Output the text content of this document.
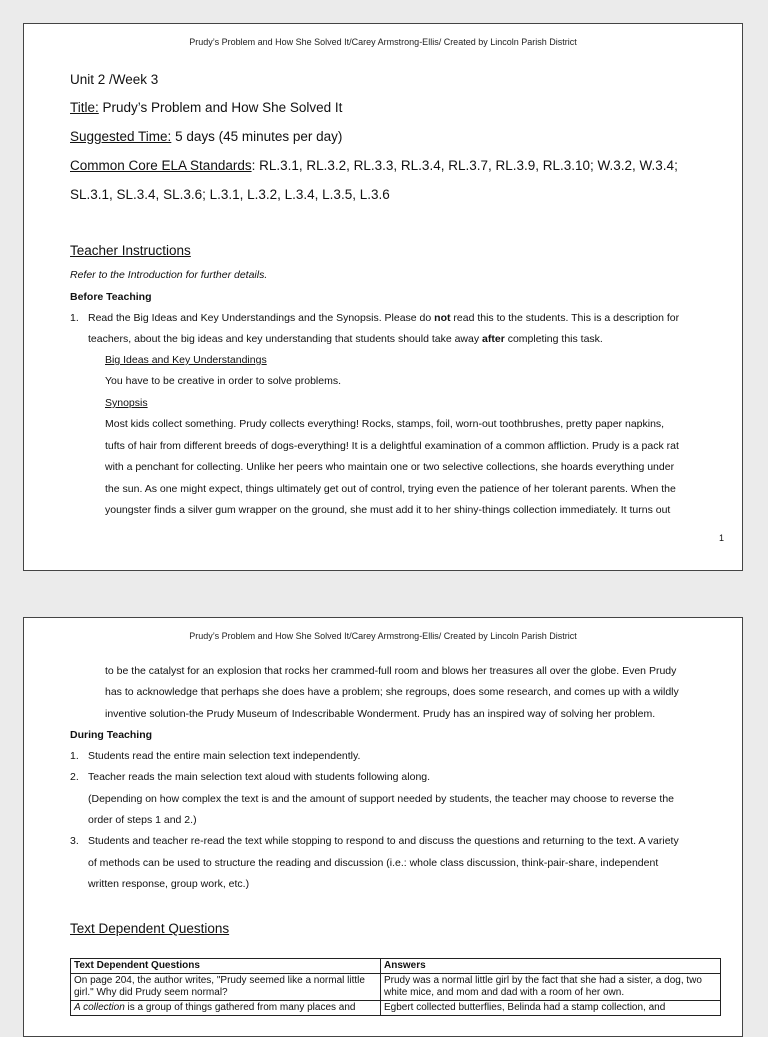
Prudy’s Problem and How She Solved It/Carey Armstrong-Ellis/ Created by Lincoln Parish District
Unit 2 /Week 3
Title: Prudy’s Problem and How She Solved It
Suggested Time: 5 days (45 minutes per day)
Common Core ELA Standards: RL.3.1, RL.3.2, RL.3.3, RL.3.4, RL.3.7, RL.3.9, RL.3.10; W.3.2, W.3.4;
SL.3.1, SL.3.4, SL.3.6; L.3.1, L.3.2, L.3.4, L.3.5, L.3.6
Teacher Instructions
Refer to the Introduction for further details.
Before Teaching
1. Read the Big Ideas and Key Understandings and the Synopsis. Please do not read this to the students. This is a description for
teachers, about the big ideas and key understanding that students should take away after completing this task.
Big Ideas and Key Understandings
You have to be creative in order to solve problems.
Synopsis
Most kids collect something. Prudy collects everything! Rocks, stamps, foil, worn-out toothbrushes, pretty paper napkins,
tufts of hair from different breeds of dogs-everything! It is a delightful examination of a common affliction. Prudy is a pack rat
with a penchant for collecting. Unlike her peers who maintain one or two selective collections, she hoards everything under
the sun. As one might expect, things ultimately get out of control, trying even the patience of her tolerant parents. When the
youngster finds a silver gum wrapper on the ground, she must add it to her shiny-things collection immediately. It turns out
1
Prudy’s Problem and How She Solved It/Carey Armstrong-Ellis/ Created by Lincoln Parish District
to be the catalyst for an explosion that rocks her crammed-full room and blows her treasures all over the globe. Even Prudy
has to acknowledge that perhaps she does have a problem; she regroups, does some research, and comes up with a wildly
inventive solution-the Prudy Museum of Indescribable Wonderment. Prudy has an inspired way of solving her problem.
During Teaching
1. Students read the entire main selection text independently.
2. Teacher reads the main selection text aloud with students following along.
(Depending on how complex the text is and the amount of support needed by students, the teacher may choose to reverse the
order of steps 1 and 2.)
3. Students and teacher re-read the text while stopping to respond to and discuss the questions and returning to the text. A variety
of methods can be used to structure the reading and discussion (i.e.: whole class discussion, think-pair-share, independent
written response, group work, etc.)
Text Dependent Questions
Text Dependent Questions	Answers
On page 204, the author writes, "Prudy seemed like a normal little girl." Why did Prudy seem normal?	Prudy was a normal little girl by the fact that she had a sister, a dog, two white mice, and mom and dad with a room of her own.
A collection is a group of things gathered from many places and	Egbert collected butterflies, Belinda had a stamp collection, and
